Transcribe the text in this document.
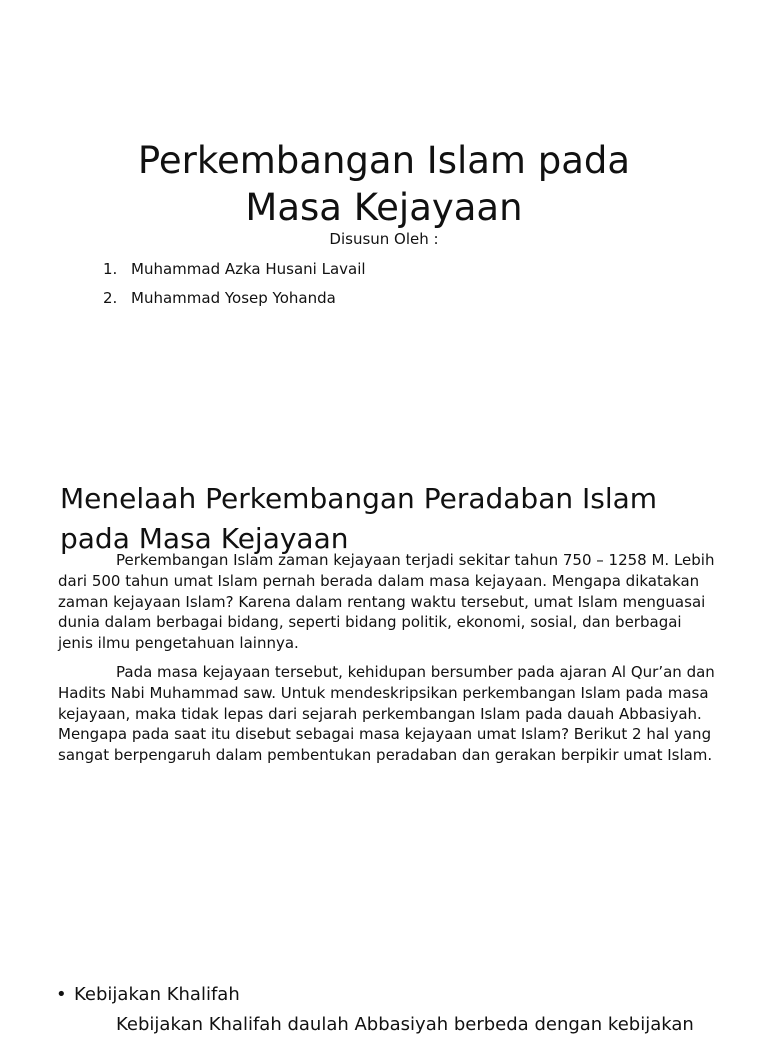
Perkembangan Islam pada
Masa Kejayaan
Disusun Oleh :
1. Muhammad Azka Husani Lavail
2. Muhammad Yosep Yohanda
Menelaah Perkembangan Peradaban Islam
pada Masa Kejayaan

Perkembangan Islam zaman kejayaan terjadi sekitar tahun 750 – 1258 M. Lebih dari 500 tahun umat Islam pernah berada dalam masa kejayaan. Mengapa dikatakan zaman kejayaan Islam? Karena dalam rentang waktu tersebut, umat Islam menguasai dunia dalam berbagai bidang, seperti bidang politik, ekonomi, sosial, dan berbagai jenis ilmu pengetahuan lainnya.

Pada masa kejayaan tersebut, kehidupan bersumber pada ajaran Al Qur’an dan Hadits Nabi Muhammad saw. Untuk mendeskripsikan perkembangan Islam pada masa kejayaan, maka tidak lepas dari sejarah perkembangan Islam pada dauah Abbasiyah. Mengapa pada saat itu disebut sebagai masa kejayaan umat Islam? Berikut 2 hal yang sangat berpengaruh dalam pembentukan peradaban dan gerakan berpikir umat Islam.

• Kebijakan Khalifah
Kebijakan Khalifah daulah Abbasiyah berbeda dengan kebijakan
